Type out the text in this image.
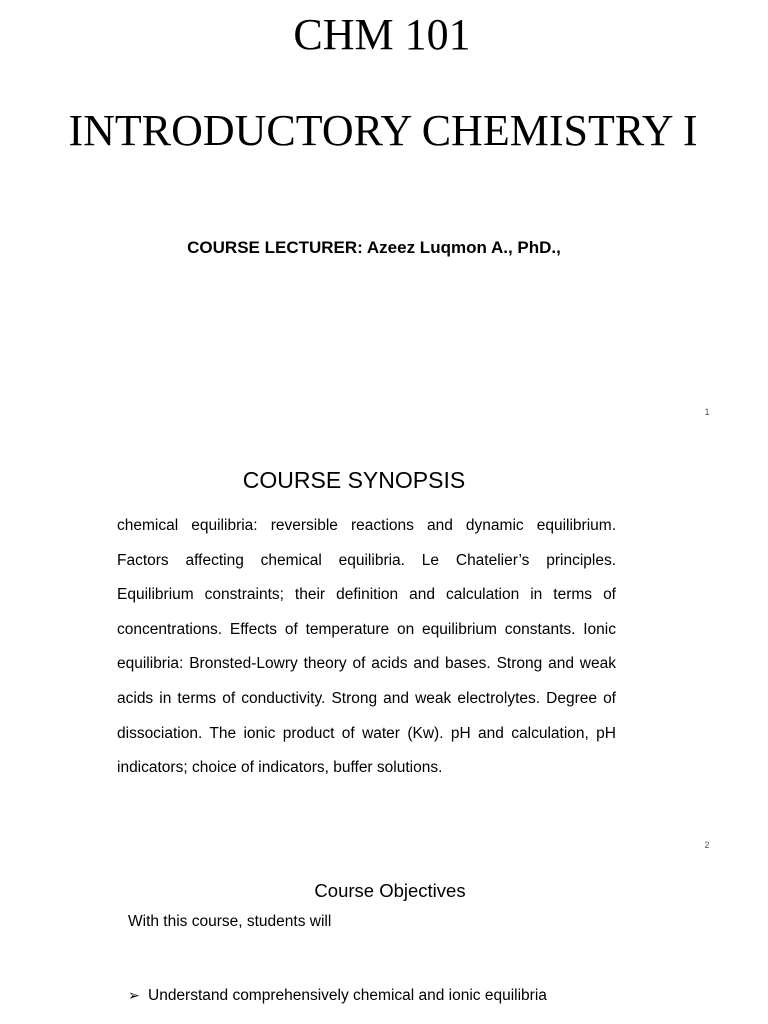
CHM 101
INTRODUCTORY CHEMISTRY I
COURSE LECTURER: Azeez Luqmon A., PhD.,
1
COURSE SYNOPSIS

chemical equilibria: reversible reactions and dynamic equilibrium. Factors affecting chemical equilibria. Le Chatelier’s principles. Equilibrium constraints; their definition and calculation in terms of concentrations. Effects of temperature on equilibrium constants. Ionic equilibria: Bronsted-Lowry theory of acids and bases. Strong and weak acids in terms of conductivity. Strong and weak electrolytes. Degree of dissociation. The ionic product of water (Kw). pH and calculation, pH indicators; choice of indicators, buffer solutions.

2
Course Objectives
With this course, students will
➢ Understand comprehensively chemical and ionic equilibria
